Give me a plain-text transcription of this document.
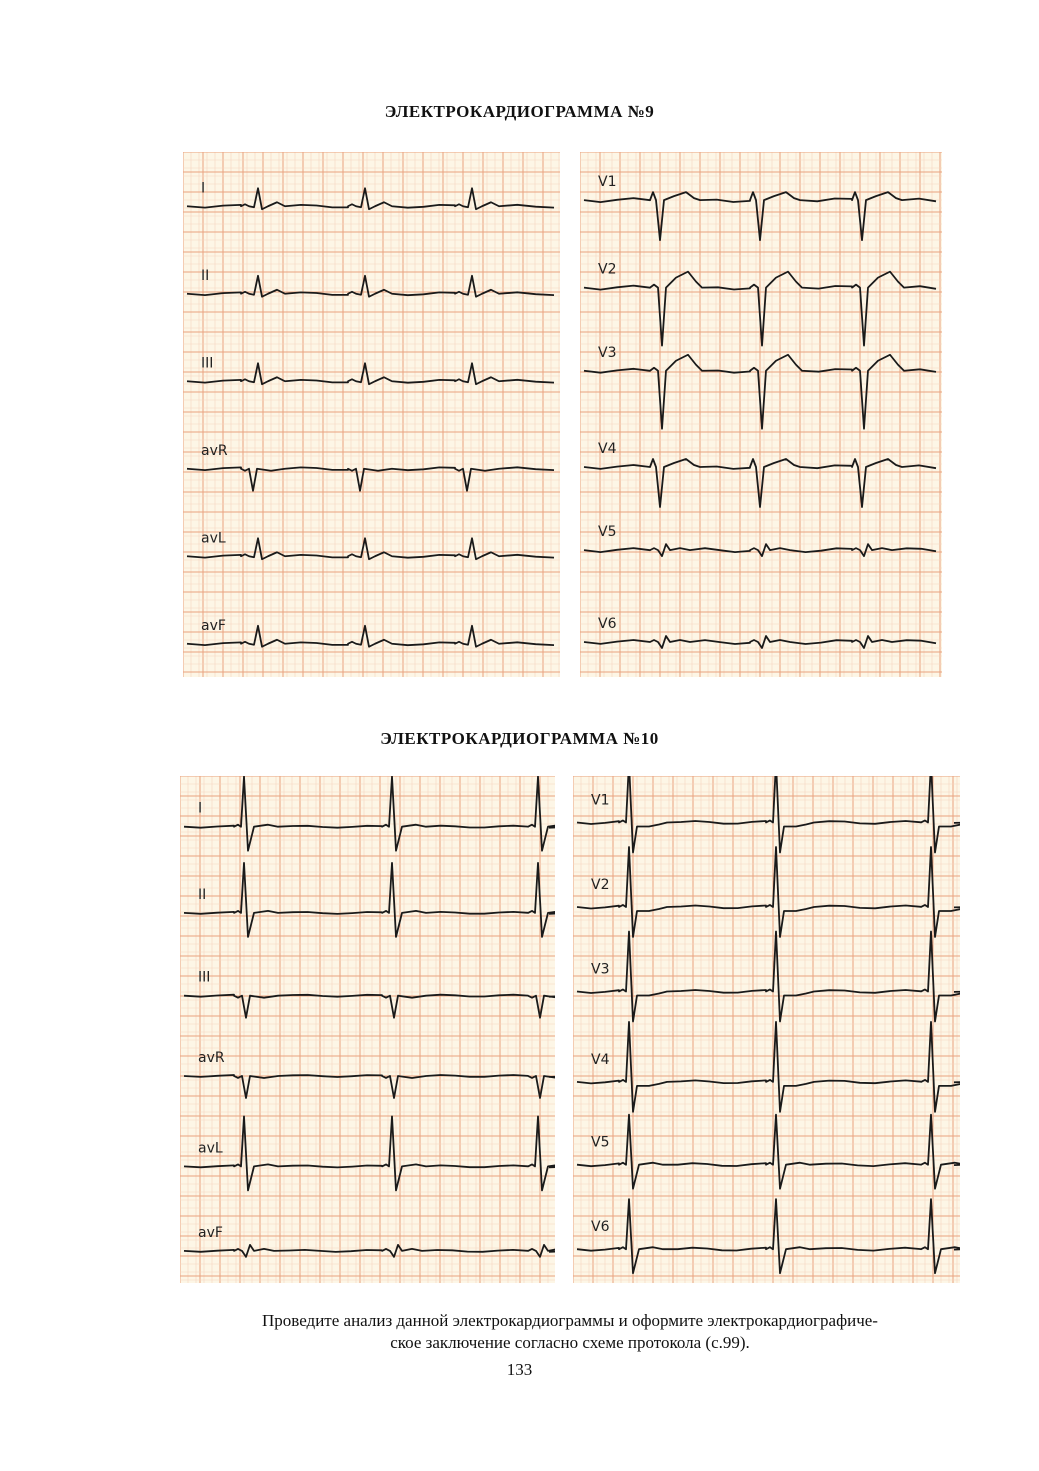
ЭЛЕКТРОКАРДИОГРАММА №9
I
II
III
avR
avL
avF
V1
V2
V3
V4
V5
V6
ЭЛЕКТРОКАРДИОГРАММА №10
I
II
III
avR
avL
avF
V1
V2
V3
V4
V5
V6
Проведите анализ данной электрокардиограммы и оформите электрокардиографиче-
ское заключение согласно схеме протокола (с.99).
133
